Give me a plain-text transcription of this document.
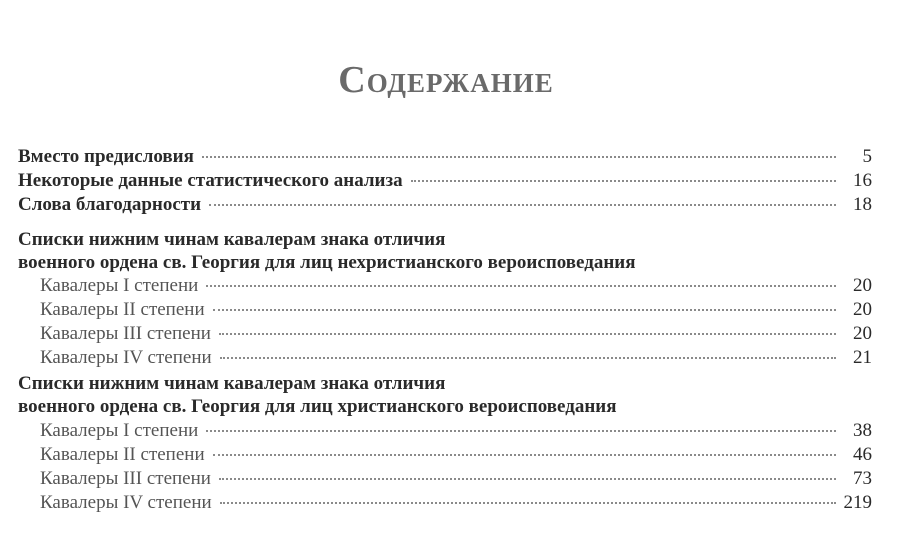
Содержание
Вместо предисловия	5
Некоторые данные статистического анализа	16
Слова благодарности	18
Списки нижним чинам кавалерам знака отличия
военного ордена св. Георгия для лиц нехристианского вероисповедания
Кавалеры I степени	20
Кавалеры II степени	20
Кавалеры III степени	20
Кавалеры IV степени	21
Списки нижним чинам кавалерам знака отличия
военного ордена св. Георгия для лиц христианского вероисповедания
Кавалеры I степени	38
Кавалеры II степени	46
Кавалеры III степени	73
Кавалеры IV степени	219
